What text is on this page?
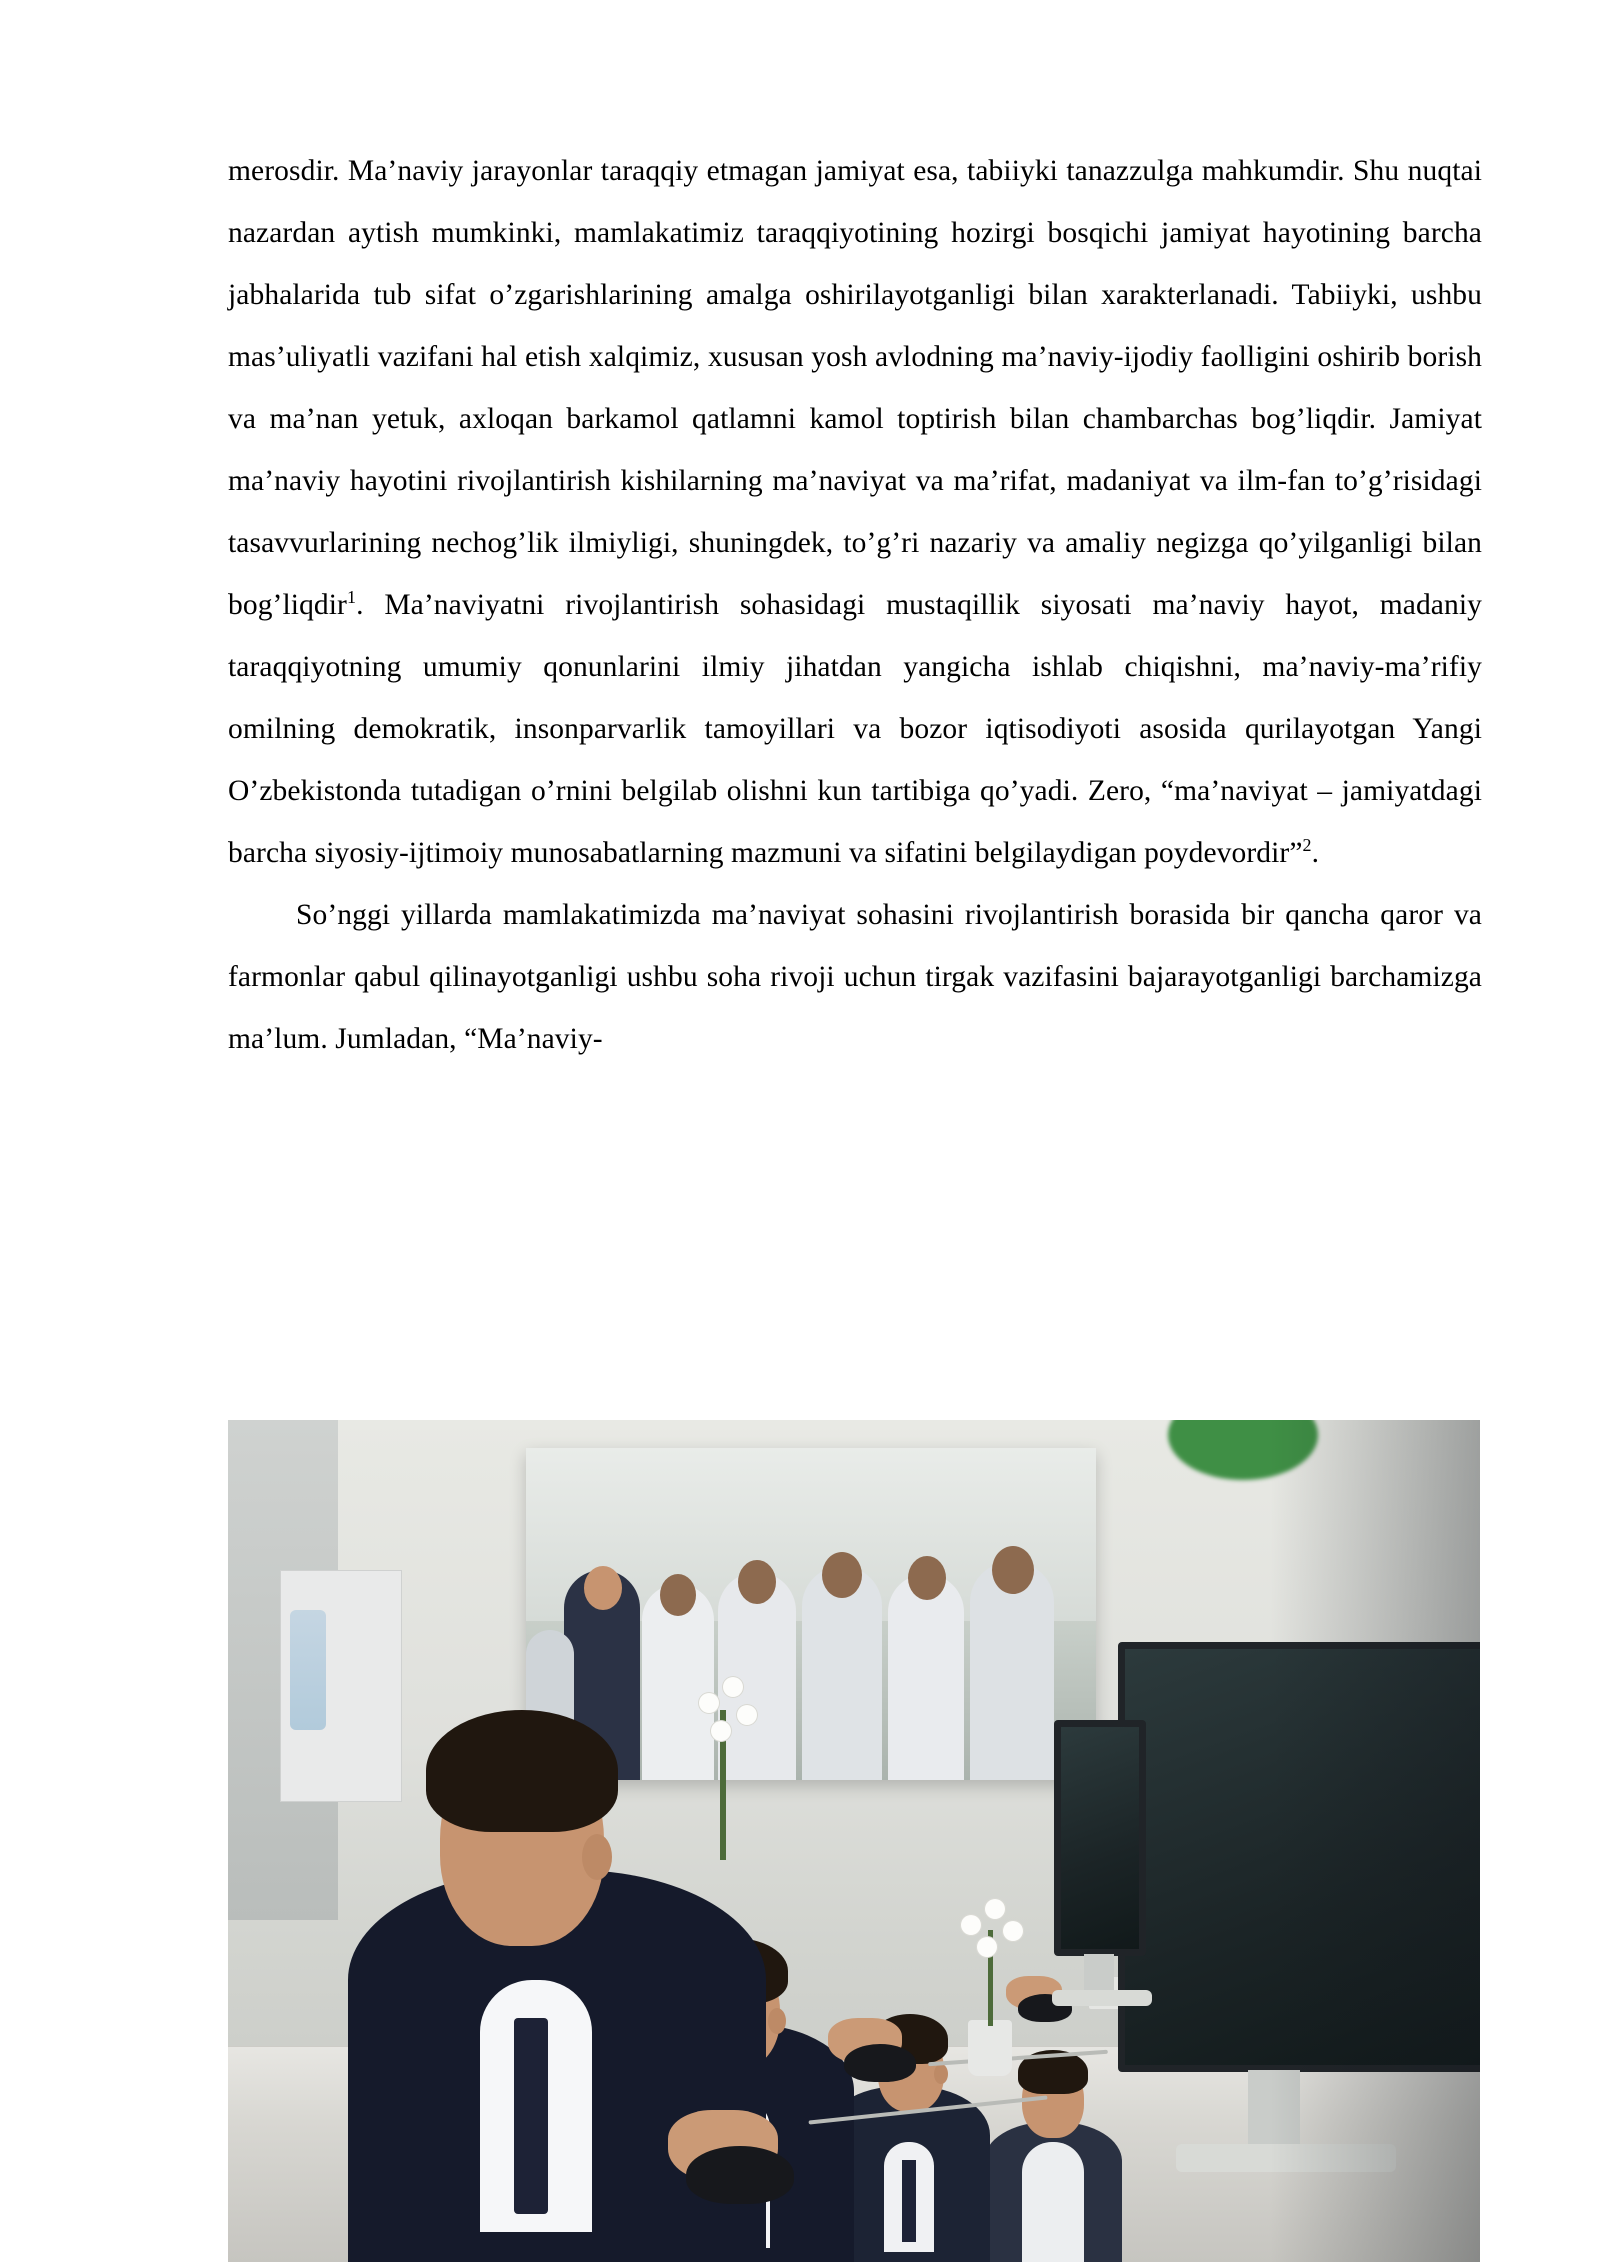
merosdir. Ma’naviy jarayonlar taraqqiy etmagan jamiyat esa, tabiiyki tanazzulga mahkumdir. Shu nuqtai nazardan aytish mumkinki, mamlakatimiz taraqqiyotining hozirgi bosqichi jamiyat hayotining barcha jabhalarida tub sifat o’zgarishlarining amalga oshirilayotganligi bilan xarakterlanadi. Tabiiyki, ushbu mas’uliyatli vazifani hal etish xalqimiz, xususan yosh avlodning ma’naviy-ijodiy faolligini oshirib borish va ma’nan yetuk, axloqan barkamol qatlamni kamol toptirish bilan chambarchas bog’liqdir. Jamiyat ma’naviy hayotini rivojlantirish kishilarning ma’naviyat va ma’rifat, madaniyat va ilm-fan to’g’risidagi tasavvurlarining nechog’lik ilmiyligi, shuningdek, to’g’ri nazariy va amaliy negizga qo’yilganligi bilan bog’liqdir$^1$. Ma’naviyatni rivojlantirish sohasidagi mustaqillik siyosati ma’naviy hayot, madaniy taraqqiyotning umumiy qonunlarini ilmiy jihatdan yangicha ishlab chiqishni, ma’naviy-ma’rifiy omilning demokratik, insonparvarlik tamoyillari va bozor iqtisodiyoti asosida qurilayotgan Yangi O’zbekistonda tutadigan o’rnini belgilab olishni kun tartibiga qo’yadi. Zero, “ma’naviyat – jamiyatdagi barcha siyosiy-ijtimoiy munosabatlarning mazmuni va sifatini belgilaydigan poydevordir”$^2$.

So’nggi yillarda mamlakatimizda ma’naviyat sohasini rivojlantirish borasida bir qancha qaror va farmonlar qabul qilinayotganligi ushbu soha rivoji uchun tirgak vazifasini bajarayotganligi barchamizga ma’lum. Jumladan, “Ma’naviy-
